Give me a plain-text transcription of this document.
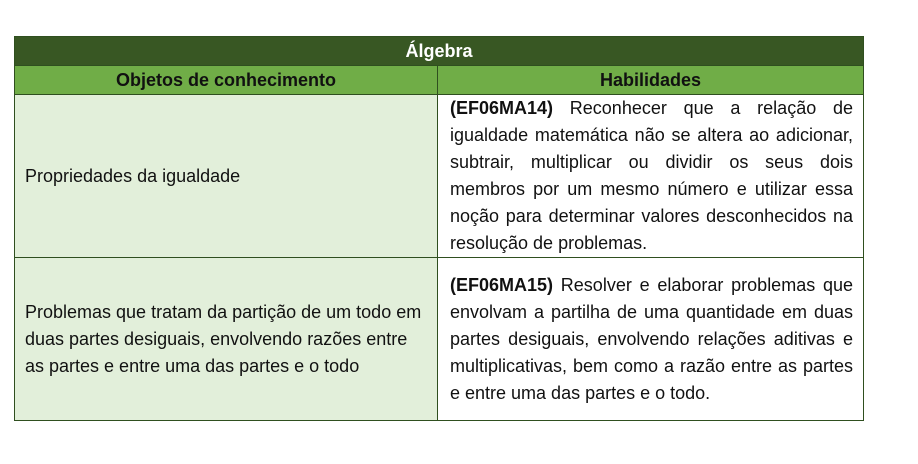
Álgebra	
Objetos de conhecimento	Habilidades
Propriedades da igualdade	(EF06MA14) Reconhecer que a relação de igualdade matemática não se altera ao adicionar, subtrair, multiplicar ou dividir os seus dois membros por um mesmo número e utilizar essa noção para determinar valores desconhecidos na resolução de problemas.
Problemas que tratam da partição de um todo em duas partes desiguais, envolvendo razões entre as partes e entre uma das partes e o todo	(EF06MA15) Resolver e elaborar problemas que envolvam a partilha de uma quantidade em duas partes desiguais, envolvendo relações aditivas e multiplicativas, bem como a razão entre as partes e entre uma das partes e o todo.
